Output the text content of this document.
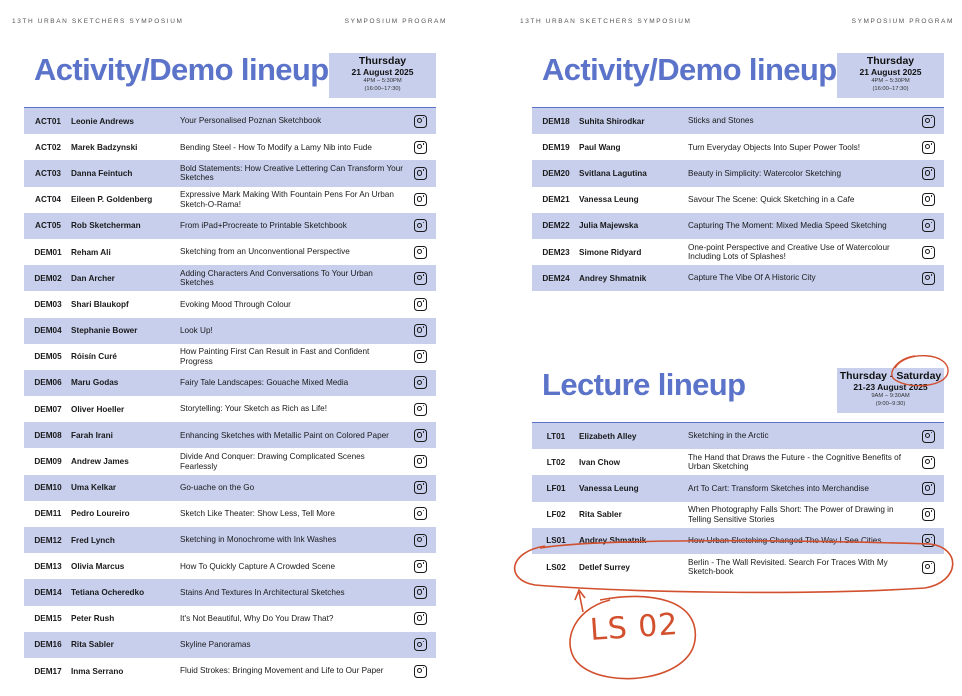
13TH URBAN SKETCHERS SYMPOSIUM	SYMPOSIUM PROGRAM
Activity/Demo lineup	Thursday
21 August 2025
4PM – 5:30PM
(16:00–17:30)
ACT01	Leonie Andrews	Your Personalised Poznan Sketchbook
ACT02	Marek Badzynski	Bending Steel - How To Modify a Lamy Nib into Fude
ACT03	Danna Feintuch
Bold Statements: How Creative Lettering Can Transform Your Sketches
ACT04	Eileen P. Goldenberg
Expressive Mark Making With Fountain Pens For An Urban Sketch-O-Rama!
ACT05	Rob Sketcherman	From iPad+Procreate to Printable Sketchbook
DEM01	Reham Ali	Sketching from an Unconventional Perspective
DEM02	Dan Archer
Adding Characters And Conversations To Your Urban Sketches
DEM03	Shari Blaukopf	Evoking Mood Through Colour
DEM04	Stephanie Bower	Look Up!
DEM05	Róisín Curé
How Painting First Can Result in Fast and Confident Progress
DEM06	Maru Godas	Fairy Tale Landscapes: Gouache Mixed Media
DEM07	Oliver Hoeller	Storytelling: Your Sketch as Rich as Life!
DEM08	Farah Irani	Enhancing Sketches with Metallic Paint on Colored Paper
DEM09	Andrew James
Divide And Conquer: Drawing Complicated Scenes Fearlessly
DEM10	Uma Kelkar	Go-uache on the Go
DEM11	Pedro Loureiro	Sketch Like Theater: Show Less, Tell More
DEM12	Fred Lynch	Sketching in Monochrome with Ink Washes
DEM13	Olivia Marcus	How To Quickly Capture A Crowded Scene
DEM14	Tetiana Ocheredko	Stains And Textures In Architectural Sketches
DEM15	Peter Rush	It's Not Beautiful, Why Do You Draw That?
DEM16	Rita Sabler	Skyline Panoramas
DEM17	Inma Serrano	Fluid Strokes: Bringing Movement and Life to Our Paper
13TH URBAN SKETCHERS SYMPOSIUM	SYMPOSIUM PROGRAM
Activity/Demo lineup	Thursday
21 August 2025
4PM – 5:30PM
(16:00–17:30)
DEM18	Suhita Shirodkar	Sticks and Stones
DEM19	Paul Wang	Turn Everyday Objects Into Super Power Tools!
DEM20	Svitlana Lagutina	Beauty in Simplicity: Watercolor Sketching
DEM21	Vanessa Leung	Savour The Scene: Quick Sketching in a Cafe
DEM22	Julia Majewska	Capturing The Moment: Mixed Media Speed Sketching
DEM23	Simone Ridyard
One-point Perspective and Creative Use of Watercolour Including Lots of Splashes!
DEM24	Andrey Shmatnik	Capture The Vibe Of A Historic City
Lecture lineup	Thursday - Saturday
21-23 August 2025
9AM – 9:30AM
(9:00–9:30)
LT01	Elizabeth Alley	Sketching in the Arctic
LT02	Ivan Chow
The Hand that Draws the Future - the Cognitive Benefits of Urban Sketching
LF01	Vanessa Leung	Art To Cart: Transform Sketches into Merchandise
LF02	Rita Sabler
When Photography Falls Short: The Power of Drawing in Telling Sensitive Stories
LS01	Andrey Shmatnik	How Urban Sketching Changed The Way I See Cities
LS02	Detlef Surrey
Berlin - The Wall Revisited. Search For Traces With My Sketch-book
LS 02
